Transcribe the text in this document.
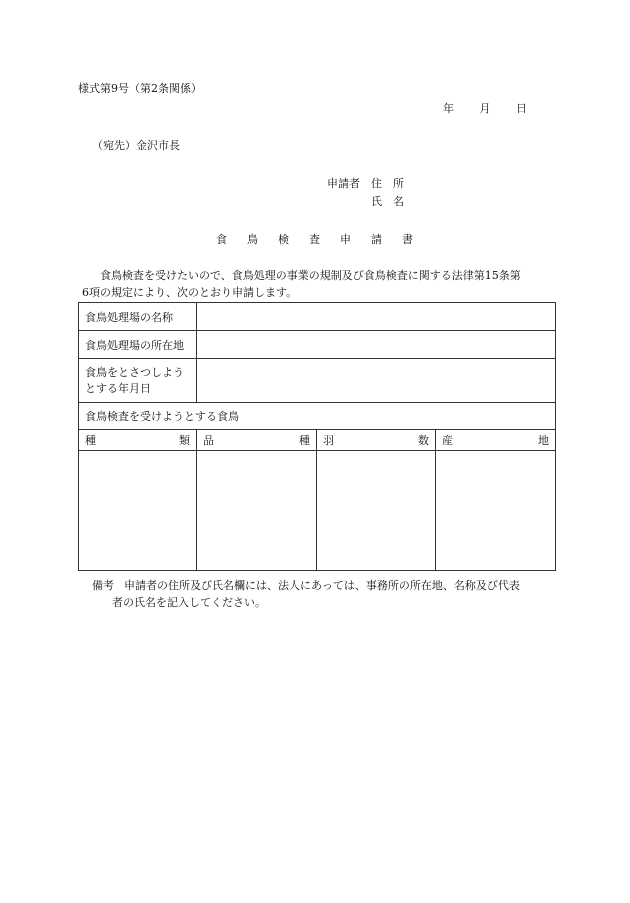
様式第9号（第2条関係）
年 月 日
（宛先）金沢市長
申請者 住　所
氏　名
食 鳥 検 査 申 請 書

食鳥検査を受けたいので、食鳥処理の事業の規制及び食鳥検査に関する法律第15条第

6項の規定により、次のとおり申請します。

食鳥処理場の名称			
食鳥処理場の所在地			

食鳥をとさつしよう
とする年月日			

食鳥検査を受けようとする食鳥			

種 類	品 種	羽 数	産 地

備考 申請者の住所及び氏名欄には、法人にあっては、事務所の所在地、名称及び代表
者の氏名を記入してください。
